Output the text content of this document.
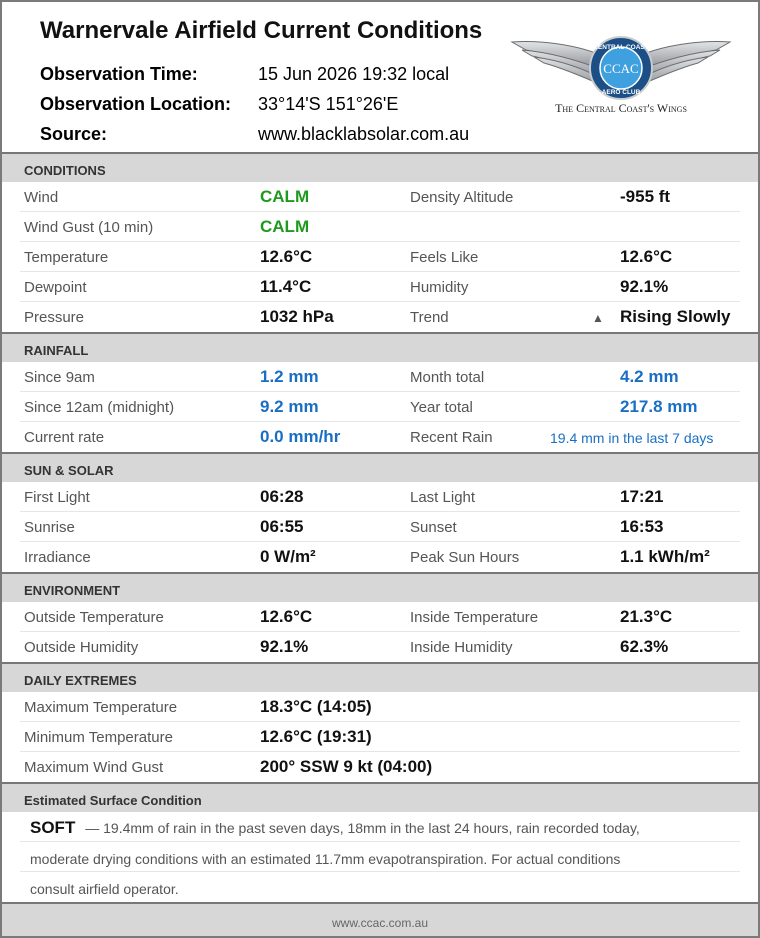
Warnervale Airfield Current Conditions
Observation Time:	15 Jun 2026 19:32 local
Observation Location: 33°14'S 151°26'E
Source:	www.blacklabsolar.com.au
CENTRAL COAST
CCAC
AERO CLUB
The Central Coast's Wings
CONDITIONS
Wind	CALM	Density Altitude	-955 ft
Wind Gust (10 min)	CALM
Temperature	12.6°C	Feels Like	12.6°C
Dewpoint	11.4°C	Humidity	92.1%
Pressure	1032 hPa	Trend	▲ Rising Slowly
RAINFALL
Since 9am	1.2 mm	Month total	4.2 mm
Since 12am (midnight)	9.2 mm	Year total	217.8 mm
Current rate	0.0 mm/hr	Recent Rain	19.4 mm in the last 7 days
SUN & SOLAR
First Light	06:28	Last Light	17:21
Sunrise	06:55	Sunset	16:53
Irradiance	0 W/m²	Peak Sun Hours	1.1 kWh/m²
ENVIRONMENT
Outside Temperature	12.6°C	Inside Temperature	21.3°C
Outside Humidity	92.1%	Inside Humidity	62.3%
DAILY EXTREMES
Maximum Temperature	18.3°C (14:05)
Minimum Temperature	12.6°C (19:31)
Maximum Wind Gust	200° SSW 9 kt (04:00)
Estimated Surface Condition
SOFT — 19.4mm of rain in the past seven days, 18mm in the last 24 hours, rain recorded today,
moderate drying conditions with an estimated 11.7mm evapotranspiration. For actual conditions
consult airfield operator.
www.ccac.com.au
